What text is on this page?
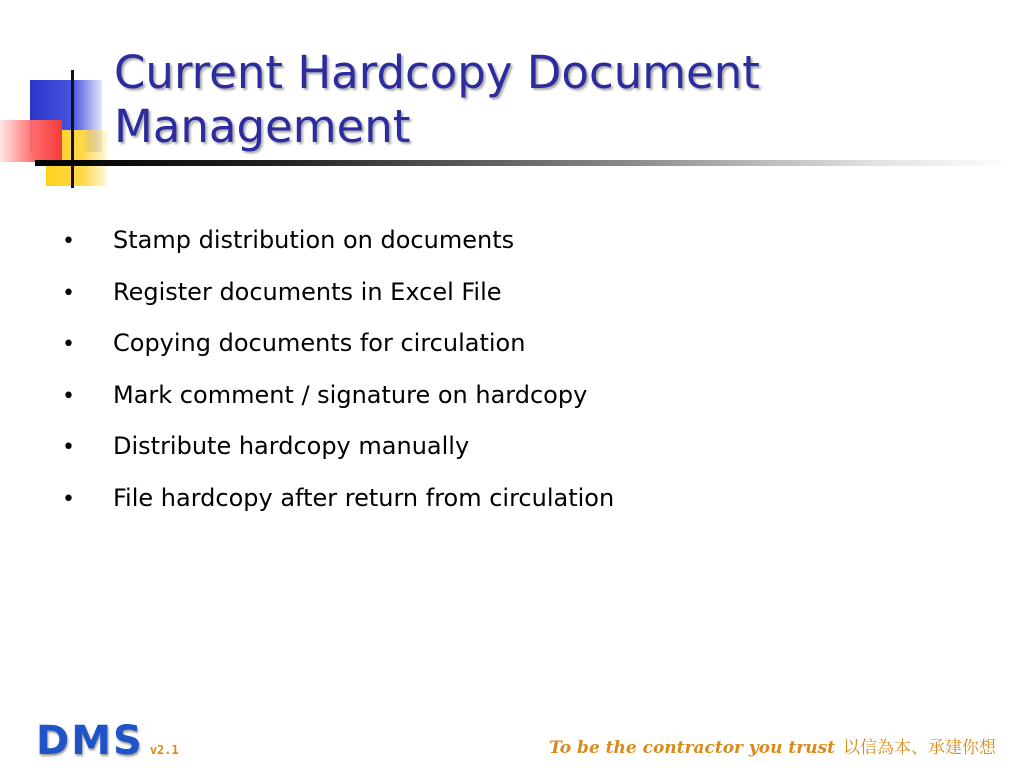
Current Hardcopy Document Management
•	Stamp distribution on documents
•	Register documents in Excel File
•	Copying documents for circulation
•	Mark comment / signature on hardcopy
•	Distribute hardcopy manually
•	File hardcopy after return from circulation
DMS v2.1	To be the contractor you trust 以信為本、承建你想
